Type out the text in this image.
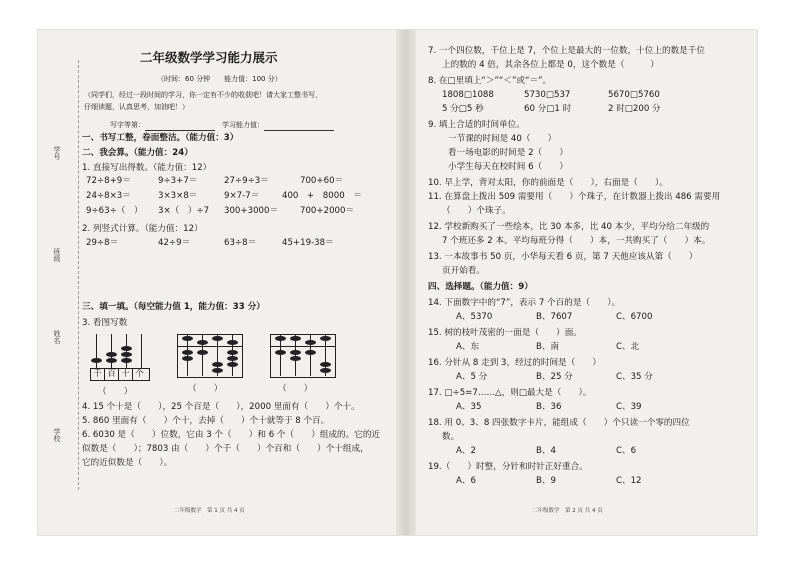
学号
班级
姓名
学校
二年级数学学习能力展示
（时间：60 分钟　　能力值：100 分）
（同学们，经过一段时间的学习，你一定有不少的收获吧！请大家工整书写，
仔细读题，认真思考，加油吧！）
写字等第：　	学习能力值：
一、书写工整，卷面整洁。（能力值：3）
二、我会算。（能力值：24）
1. 直接写出得数。（能力值：12）
72÷8+9＝	9÷3+7＝	27÷9÷3＝	700+60＝
24÷8×3＝	3×3×8＝	9×7-7＝	400　+　8000　＝
9÷63÷（　） 3×（　）÷7 300+3000＝	700+2000＝
2. 列竖式计算。（能力值：12）
29÷8＝	42÷9＝	63÷8＝	45+19-38＝
三、填一填。（每空能力值 1，能力值：33 分）
3. 看图写数
千 百 十 个
（　　）	（　　）	（　　）
4. 15 个十是（　　），25 个百是（　　），2000 里面有（　　）个十。
5. 860 里面有（　　）个十，去掉（　　）个十就等于 8 个百。
6. 6030 是（　　）位数，它由 3 个（　　）和 6 个（　　）组成的。它的近
似数是（　　）；7803 由（　　）个千（　　）个百和（　　）个十组成，
它的近似数是（　　）。
二年级数学　第 1 页 共 4 页
7. 一个四位数，千位上是 7，个位上是最大的一位数，十位上的数是千位
上的数的 4 倍，其余各位上都是 0，这个数是（　　　）
8. 在□里填上“＞”“＜”或“＝”。
1808□1088	5730□537	5670□5760
5 分□5 秒	60 分□1 时	2 时□200 分
9. 填上合适的时间单位。
一节课的时间是 40（　　）
看一场电影的时间是 2（　　）
小学生每天在校时间 6（　　）
10. 早上学，背对太阳，你的前面是（　　），右面是（　　）。
11. 在算盘上拨出 509 需要用（　　）个珠子，在计数器上拨出 486 需要用
（　　）个珠子。
12. 学校新购买了一些绘本，比 30 本多，比 40 本少，平均分给二年级的
7 个班还多 2 本。平均每班分得（　　）本，一共购买了（　　）本。
13. 一本故事书 50 页，小华每天看 6 页，第 7 天他应该从第（　　）
页开始看。
四、选择题。（能力值：9）
14. 下面数字中的“7”，表示 7 个百的是（　　）。
A、5370	B、7607	C、6700
15. 树的枝叶茂密的一面是（　　）面。
A、东	B、南	C、北
16. 分针从 8 走到 3，经过的时间是（　　）
A、5 分	B、25 分	C、35 分
17. □÷5=7……△，则□最大是（　　）。
A、35	B、36	C、39
18. 用 0、3、8 四张数字卡片，能组成（　　）个只读一个零的四位
数。
A、2	B、4	C、6
19.（　　）时整，分针和时针正好重合。
A、6	B、9	C、12
二年级数学　第 2 页 共 4 页
